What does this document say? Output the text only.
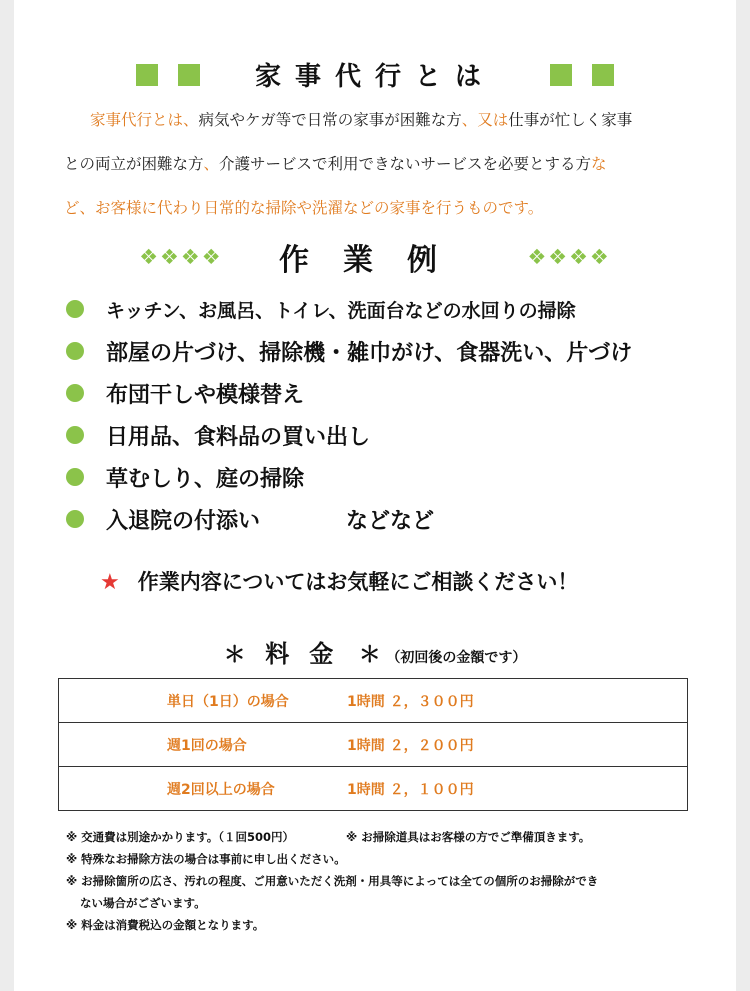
家事代行とは
家事代行とは、病気やケガ等で日常の家事が困難な方、又は仕事が忙しく家事
との両立が困難な方、介護サービスで利用できないサービスを必要とする方な
ど、お客様に代わり日常的な掃除や洗濯などの家事を行うものです。
❖❖❖❖ 作業例	❖❖❖❖
キッチン、お風呂、トイレ、洗面台などの水回りの掃除
部屋の片づけ、掃除機・雑巾がけ、食器洗い、片づけ
布団干しや模様替え
日用品、食料品の買い出し
草むしり、庭の掃除
入退院の付添い	などなど
★ 作業内容についてはお気軽にご相談ください！
＊ 料金 ＊ （初回後の金額です）
単日（1日）の場合	1時間 ２，３００円
週1回の場合	1時間 ２，２００円
週2回以上の場合	1時間 ２，１００円
※ 交通費は別途かかります。（１回500円）	※ お掃除道具はお客様の方でご準備頂きます。
※ 特殊なお掃除方法の場合は事前に申し出ください。
※ お掃除箇所の広さ、汚れの程度、ご用意いただく洗剤・用具等によっては全ての個所のお掃除ができ
ない場合がございます。
※ 料金は消費税込の金額となります。
